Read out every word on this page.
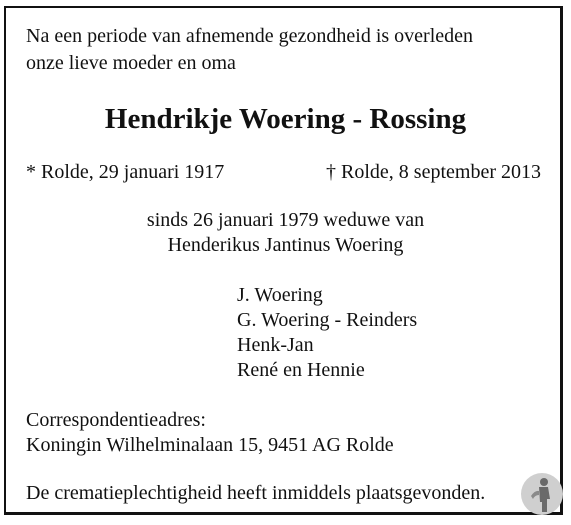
Na een periode van afnemende gezondheid is overleden

onze lieve moeder en oma

Hendrikje Woering - Rossing

* Rolde, 29 januari 1917	† Rolde, 8 september 2013

sinds 26 januari 1979 weduwe van

Henderikus Jantinus Woering

J. Woering

G. Woering - Reinders

Henk-Jan

René en Hennie

Correspondentieadres:

Koningin Wilhelminalaan 15, 9451 AG Rolde

De crematieplechtigheid heeft inmiddels plaatsgevonden.
